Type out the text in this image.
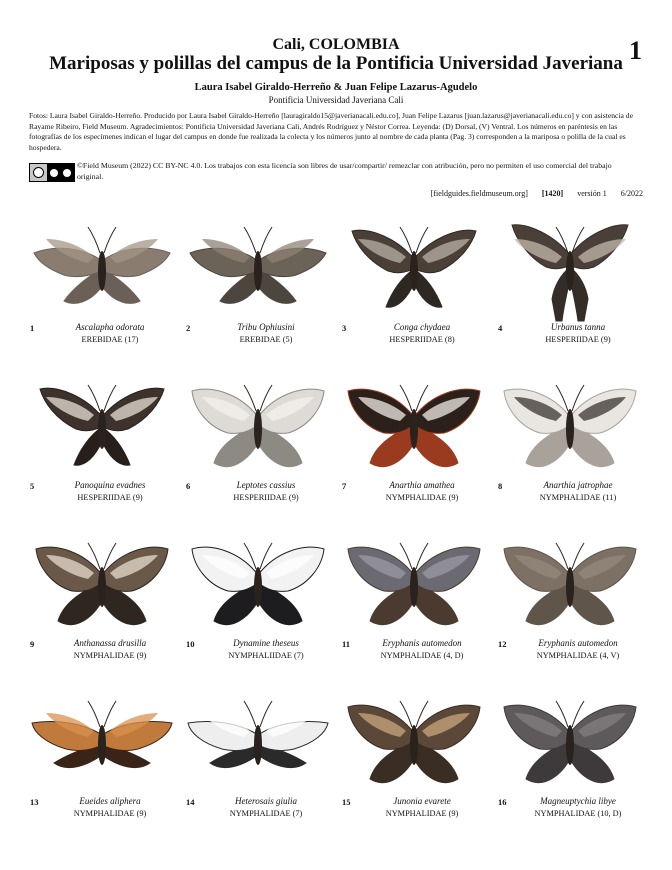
1
Cali, COLOMBIA
Mariposas y polillas del campus de la Pontificia Universidad Javeriana
Laura Isabel Giraldo-Herreño & Juan Felipe Lazarus-Agudelo
Pontificia Universidad Javeriana Cali
Fotos: Laura Isabel Giraldo-Herreño. Producido por Laura Isabel Giraldo-Herreño [lauragiraldo15@javerianacali.edu.co], Juan Felipe Lazarus [juan.lazarus@javerianacali.edu.co] y con asistencia de Rayame Ribeiro, Field Museum. Agradecimientos: Pontificia Universidad Javeriana Cali, Andrés Rodríguez y Néstor Correa. Leyenda: (D) Dorsal, (V) Ventral. Los números en paréntesis en las fotografías de los especímenes indican el lugar del campus en donde fue realizada la colecta y los números junto al nombre de cada planta (Pag. 3) corresponden a la mariposa o polilla de la cual es hospedera.
©Field Museum (2022) CC BY-NC 4.0. Los trabajos con esta licencia son libres de usar/compartir/ remezclar con atribución, pero no permiten el uso comercial del trabajo original.
[fieldguides.fieldmuseum.org] [1420] versión 1 6/2022
1	Ascalapha odorata
EREBIDAE (17)
2	Tribu Ophiusini
EREBIDAE (5)
3	Conga chydaea
HESPERIIDAE (8)
4	Urbanus tanna
HESPERIIDAE (9)
5	Panoquina evadnes
HESPERIIDAE (9)
6	Leptotes cassius
HESPERIIDAE (9)
7	Anarthia amathea
NYMPHALIDAE (9)
8	Anarthia jatrophae
NYMPHALIDAE (11)
9	Anthanassa drusilla
NYMPHALIDAE (9)
10	Dynamine theseus
NYMPHALIIDAE (7)
11	Eryphanis automedon
NYMPHALIDAE (4, D)
12	Eryphanis automedon
NYMPHALIDAE (4, V)
13	Eueides aliphera
NYMPHALIDAE (9)
14	Heterosais giulia
NYMPHALIDAE (7)
15	Junonia evarete
NYMPHALIDAE (9)
16	Magneuptychia libye
NYMPHALIDAE (10, D)
